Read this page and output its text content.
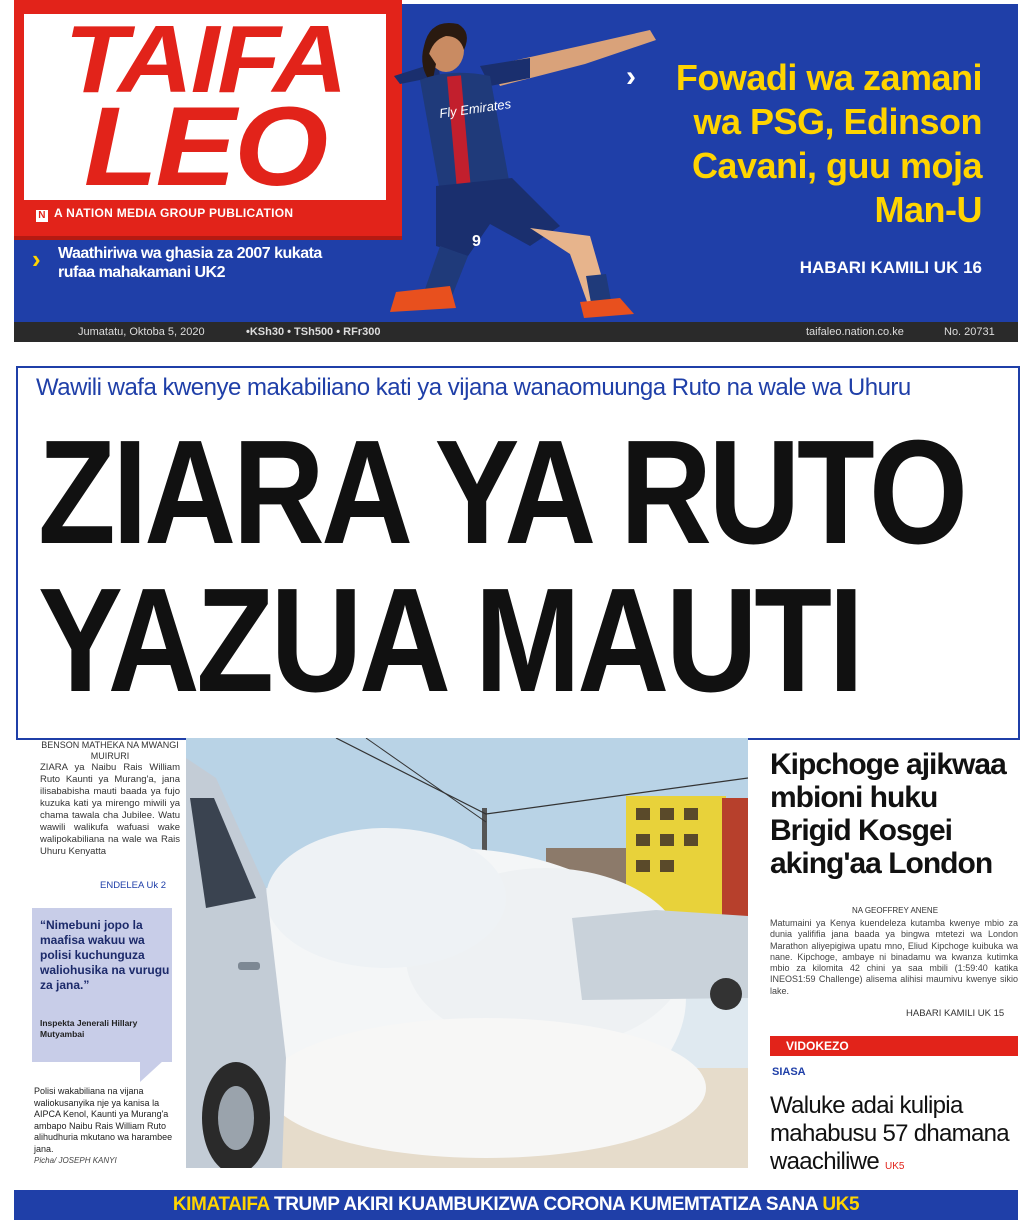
TAIFA
LEO
N A NATION MEDIA GROUP PUBLICATION
› Waathiriwa wa ghasia za 2007 kukata rufaa mahakamani UK2
Fly Emirates
9
›	Fowadi wa zamani wa PSG, Edinson Cavani, guu moja Man-U
HABARI KAMILI UK 16
Jumatatu, Oktoba 5, 2020	•KSh30 • TSh500 • RFr300	taifaleo.nation.co.ke	No. 20731
Wawili wafa kwenye makabiliano kati ya vijana wanaomuunga Ruto na wale wa Uhuru
ZIARA YA RUTO
YAZUA MAUTI
BENSON MATHEKA NA MWANGI MUIRURI
ZIARA ya Naibu Rais William Ruto Kaunti ya Murang'a, jana ilisababisha mauti baada ya fujo kuzuka kati ya mirengo miwili ya chama tawala cha Jubilee. Watu wawili walikufa wafuasi wake walipokabiliana na wale wa Rais Uhuru Kenyatta
ENDELEA Uk 2
“Nimebuni jopo la maafisa wakuu wa polisi kuchunguza waliohusika na vurugu za jana.”
Inspekta Jenerali Hillary Mutyambai
Polisi wakabiliana na vijana waliokusanyika nje ya kanisa la AIPCA Kenol, Kaunti ya Murang'a ambapo Naibu Rais William Ruto alihudhuria mkutano wa harambee jana.
Picha/ JOSEPH KANYI
Kipchoge ajikwaa mbioni huku Brigid Kosgei aking'aa London
NA GEOFFREY ANENE
Matumaini ya Kenya kuendeleza kutamba kwenye mbio za dunia yalififia jana baada ya bingwa mtetezi wa London Marathon aliyepigiwa upatu mno, Eliud Kipchoge kuibuka wa nane. Kipchoge, ambaye ni binadamu wa kwanza kutimka mbio za kilomita 42 chini ya saa mbili (1:59:40 katika INEOS1:59 Challenge) alisema alihisi maumivu kwenye sikio lake.
HABARI KAMILI UK 15
VIDOKEZO
SIASA
Waluke adai kulipia mahabusu 57 dhamana waachiliwe UK5
KIMATAIFA TRUMP AKIRI KUAMBUKIZWA CORONA KUMEMTATIZA SANA UK5
